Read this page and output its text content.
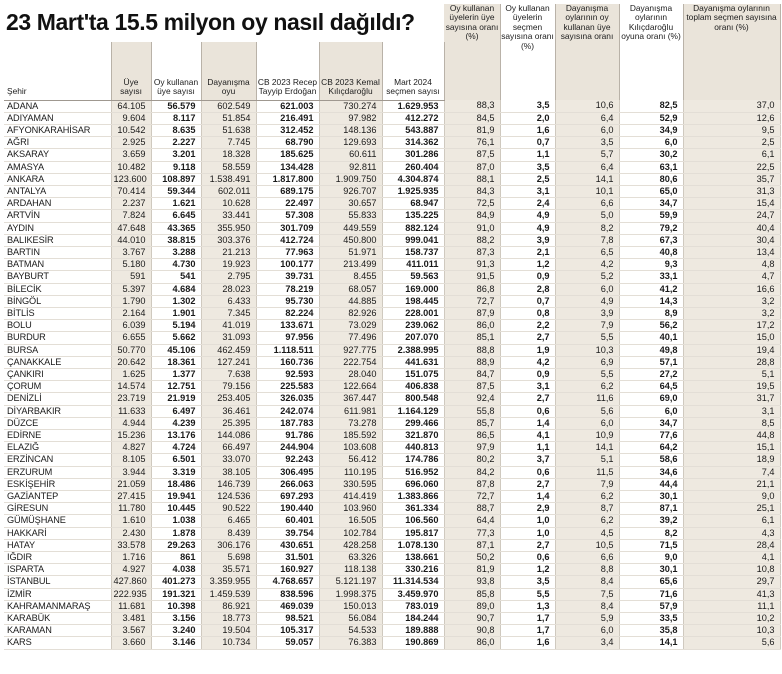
23 Mart'ta 15.5 milyon oy nasıl dağıldı?
							Oy kullanan üyelerin üye sayısına oranı (%)	Oy kullanan üyelerin seçmen sayısına oranı (%)	Dayanışma oylarının oy kullanan üye sayısına oranı	Dayanışma oylarının Kılıçdaroğlu oyuna oranı (%)	Dayanışma oylarının toplam seçmen sayısına oranı (%)
Şehir	Üye sayısı	Oy kullanan üye sayısı	Dayanışma oyu	CB 2023 Recep Tayyip Erdoğan	CB 2023 Kemal Kılıçdaroğlu	Mart 2024 seçmen sayısı					
ADANA	64.105	56.579	602.549	621.003	730.274	1.629.953	88,3	3,5	10,6	82,5	37,0
ADIYAMAN	9.604	8.117	51.854	216.491	97.982	412.272	84,5	2,0	6,4	52,9	12,6
AFYONKARAHİSAR	10.542	8.635	51.638	312.452	148.136	543.887	81,9	1,6	6,0	34,9	9,5
AĞRI	2.925	2.227	7.745	68.790	129.693	314.362	76,1	0,7	3,5	6,0	2,5
AKSARAY	3.659	3.201	18.328	185.625	60.611	301.286	87,5	1,1	5,7	30,2	6,1
AMASYA	10.482	9.118	58.559	134.428	92.811	260.404	87,0	3,5	6,4	63,1	22,5
ANKARA	123.600	108.897	1.538.491	1.817.800	1.909.750	4.304.874	88,1	2,5	14,1	80,6	35,7
ANTALYA	70.414	59.344	602.011	689.175	926.707	1.925.935	84,3	3,1	10,1	65,0	31,3
ARDAHAN	2.237	1.621	10.628	22.497	30.657	68.947	72,5	2,4	6,6	34,7	15,4
ARTVİN	7.824	6.645	33.441	57.308	55.833	135.225	84,9	4,9	5,0	59,9	24,7
AYDIN	47.648	43.365	355.950	301.709	449.559	882.124	91,0	4,9	8,2	79,2	40,4
BALIKESİR	44.010	38.815	303.376	412.724	450.800	999.041	88,2	3,9	7,8	67,3	30,4
BARTIN	3.767	3.288	21.213	77.963	51.971	158.737	87,3	2,1	6,5	40,8	13,4
BATMAN	5.180	4.730	19.923	100.177	213.499	411.011	91,3	1,2	4,2	9,3	4,8
BAYBURT	591	541	2.795	39.731	8.455	59.563	91,5	0,9	5,2	33,1	4,7
BİLECİK	5.397	4.684	28.023	78.219	68.057	169.000	86,8	2,8	6,0	41,2	16,6
BİNGÖL	1.790	1.302	6.433	95.730	44.885	198.445	72,7	0,7	4,9	14,3	3,2
BİTLİS	2.164	1.901	7.345	82.224	82.926	228.001	87,9	0,8	3,9	8,9	3,2
BOLU	6.039	5.194	41.019	133.671	73.029	239.062	86,0	2,2	7,9	56,2	17,2
BURDUR	6.655	5.662	31.093	97.956	77.496	207.070	85,1	2,7	5,5	40,1	15,0
BURSA	50.770	45.106	462.459	1.118.511	927.775	2.388.995	88,8	1,9	10,3	49,8	19,4
ÇANAKKALE	20.642	18.361	127.241	160.736	222.754	441.631	88,9	4,2	6,9	57,1	28,8
ÇANKIRI	1.625	1.377	7.638	92.593	28.040	151.075	84,7	0,9	5,5	27,2	5,1
ÇORUM	14.574	12.751	79.156	225.583	122.664	406.838	87,5	3,1	6,2	64,5	19,5
DENİZLİ	23.719	21.919	253.405	326.035	367.447	800.548	92,4	2,7	11,6	69,0	31,7
DİYARBAKIR	11.633	6.497	36.461	242.074	611.981	1.164.129	55,8	0,6	5,6	6,0	3,1
DÜZCE	4.944	4.239	25.395	187.783	73.278	299.466	85,7	1,4	6,0	34,7	8,5
EDİRNE	15.236	13.176	144.086	91.786	185.592	321.870	86,5	4,1	10,9	77,6	44,8
ELAZIĞ	4.827	4.724	66.497	244.904	103.608	440.813	97,9	1,1	14,1	64,2	15,1
ERZİNCAN	8.105	6.501	33.070	92.243	56.412	174.786	80,2	3,7	5,1	58,6	18,9
ERZURUM	3.944	3.319	38.105	306.495	110.195	516.952	84,2	0,6	11,5	34,6	7,4
ESKİŞEHİR	21.059	18.486	146.739	266.063	330.595	696.060	87,8	2,7	7,9	44,4	21,1
GAZİANTEP	27.415	19.941	124.536	697.293	414.419	1.383.866	72,7	1,4	6,2	30,1	9,0
GİRESUN	11.780	10.445	90.522	190.440	103.960	361.334	88,7	2,9	8,7	87,1	25,1
GÜMÜŞHANE	1.610	1.038	6.465	60.401	16.505	106.560	64,4	1,0	6,2	39,2	6,1
HAKKARİ	2.430	1.878	8.439	39.754	102.784	195.817	77,3	1,0	4,5	8,2	4,3
HATAY	33.578	29.263	306.176	430.651	428.258	1.078.130	87,1	2,7	10,5	71,5	28,4
IĞDIR	1.716	861	5.698	31.501	63.326	138.661	50,2	0,6	6,6	9,0	4,1
ISPARTA	4.927	4.038	35.571	160.927	118.138	330.216	81,9	1,2	8,8	30,1	10,8
İSTANBUL	427.860	401.273	3.359.955	4.768.657	5.121.197	11.314.534	93,8	3,5	8,4	65,6	29,7
İZMİR	222.935	191.321	1.459.539	838.596	1.998.375	3.459.970	85,8	5,5	7,5	71,6	41,3
KAHRAMANMARAŞ	11.681	10.398	86.921	469.039	150.013	783.019	89,0	1,3	8,4	57,9	11,1
KARABÜK	3.481	3.156	18.773	98.521	56.084	184.244	90,7	1,7	5,9	33,5	10,2
KARAMAN	3.567	3.240	19.504	105.317	54.533	189.888	90,8	1,7	6,0	35,8	10,3
KARS	3.660	3.146	10.734	59.057	76.383	190.869	86,0	1,6	3,4	14,1	5,6
